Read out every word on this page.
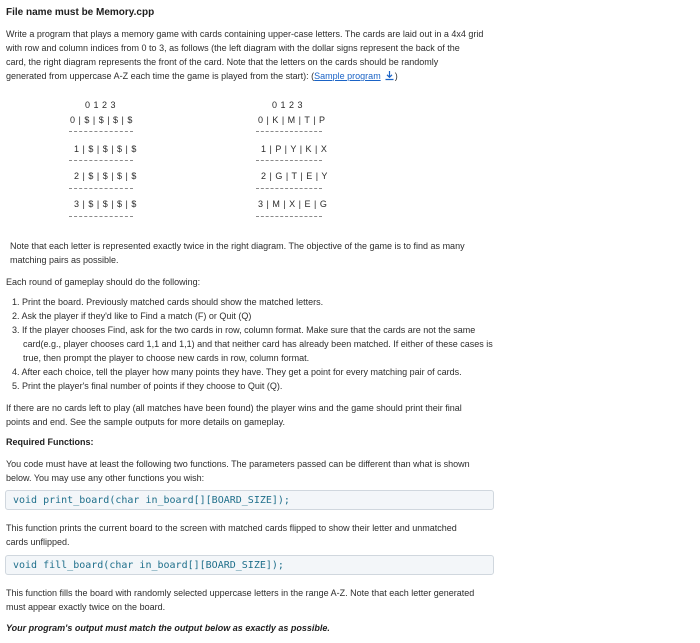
File name must be Memory.cpp
Write a program that plays a memory game with cards containing upper-case letters. The cards are laid out in a 4x4 grid
with row and column indices from 0 to 3, as follows (the left diagram with the dollar signs represent the back of the
card, the right diagram represents the front of the card. Note that the letters on the cards should be randomly
generated from uppercase A-Z each time the game is played from the start): (Sample program )
0 1 2 3
0 | $ | $ | $ | $
1 | $ | $ | $ | $
2 | $ | $ | $ | $
3 | $ | $ | $ | $
0 1 2 3
0 | K | M | T | P
1 | P | Y | K | X
2 | G | T | E | Y
3 | M | X | E | G
Note that each letter is represented exactly twice in the right diagram. The objective of the game is to find as many
matching pairs as possible.
Each round of gameplay should do the following:
1. Print the board. Previously matched cards should show the matched letters.
2. Ask the player if they'd like to Find a match (F) or Quit (Q)
3. If the player chooses Find, ask for the two cards in row, column format. Make sure that the cards are not the same
card(e.g., player chooses card 1,1 and 1,1) and that neither card has already been matched. If either of these cases is
true, then prompt the player to choose new cards in row, column format.
4. After each choice, tell the player how many points they have. They get a point for every matching pair of cards.
5. Print the player's final number of points if they choose to Quit (Q).
If there are no cards left to play (all matches have been found) the player wins and the game should print their final
points and end. See the sample outputs for more details on gameplay.
Required Functions:
You code must have at least the following two functions. The parameters passed can be different than what is shown
below. You may use any other functions you wish:
void print_board(char in_board[][BOARD_SIZE]);
This function prints the current board to the screen with matched cards flipped to show their letter and unmatched
cards unflipped.
void fill_board(char in_board[][BOARD_SIZE]);
This function fills the board with randomly selected uppercase letters in the range A-Z. Note that each letter generated
must appear exactly twice on the board.
Your program's output must match the output below as exactly as possible.
